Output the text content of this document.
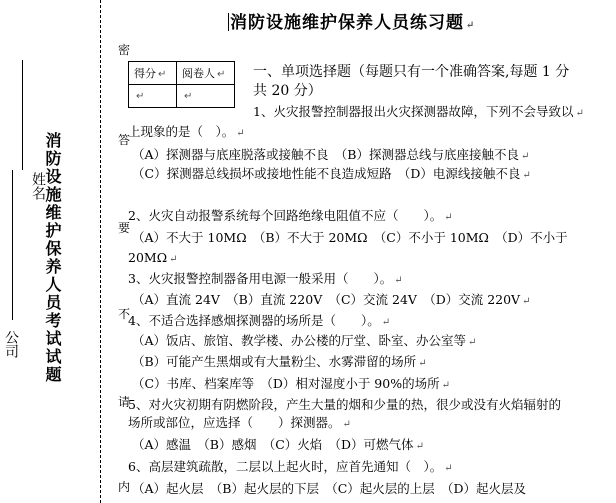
消防设施维护保养人员考试试题
公司
姓名
密
答
要
不
请
内
消防设施维护保养人员练习题 ↵
得分 ↵	阅卷人 ↵
↵	↵
一、单项选择题（每题只有一个准确答案,每题 1 分
共 20 分）
1、火灾报警控制器报出火灾探测器故障，下列不会导致以 ↵
上现象的是（　）。 ↵
（A）探测器与底座脱落或接触不良　（B）探测器总线与底座接触不良 ↵
（C）探测器总线损坏或接地性能不良造成短路　（D）电源线接触不良 ↵
2、火灾自动报警系统每个回路绝缘电阻值不应（　　）。 ↵
（A）不大于 10MΩ　（B）不大于 20MΩ　（C）不小于 10MΩ　（D）不小于
20MΩ ↵
3、火灾报警控制器备用电源一般采用（　　）。 ↵
（A）直流 24V　（B）直流 220V　（C）交流 24V　（D）交流 220V ↵
4、不适合选择感烟探测器的场所是（　　）。 ↵
（A）饭店、旅馆、教学楼、办公楼的厅堂、卧室、办公室等 ↵
（B）可能产生黑烟或有大量粉尘、水雾滞留的场所 ↵
（C）书库、档案库等　（D）相对湿度小于 90%的场所 ↵
5、对火灾初期有阴燃阶段，产生大量的烟和少量的热，很少或没有火焰辐射的
场所或部位，应选择（　　）探测器。 ↵
（A）感温　（B）感烟　（C）火焰　（D）可燃气体 ↵
6、高层建筑疏散，二层以上起火时，应首先通知（　）。 ↵
（A）起火层　（B）起火层的下层　（C）起火层的上层　（D）起火层及
